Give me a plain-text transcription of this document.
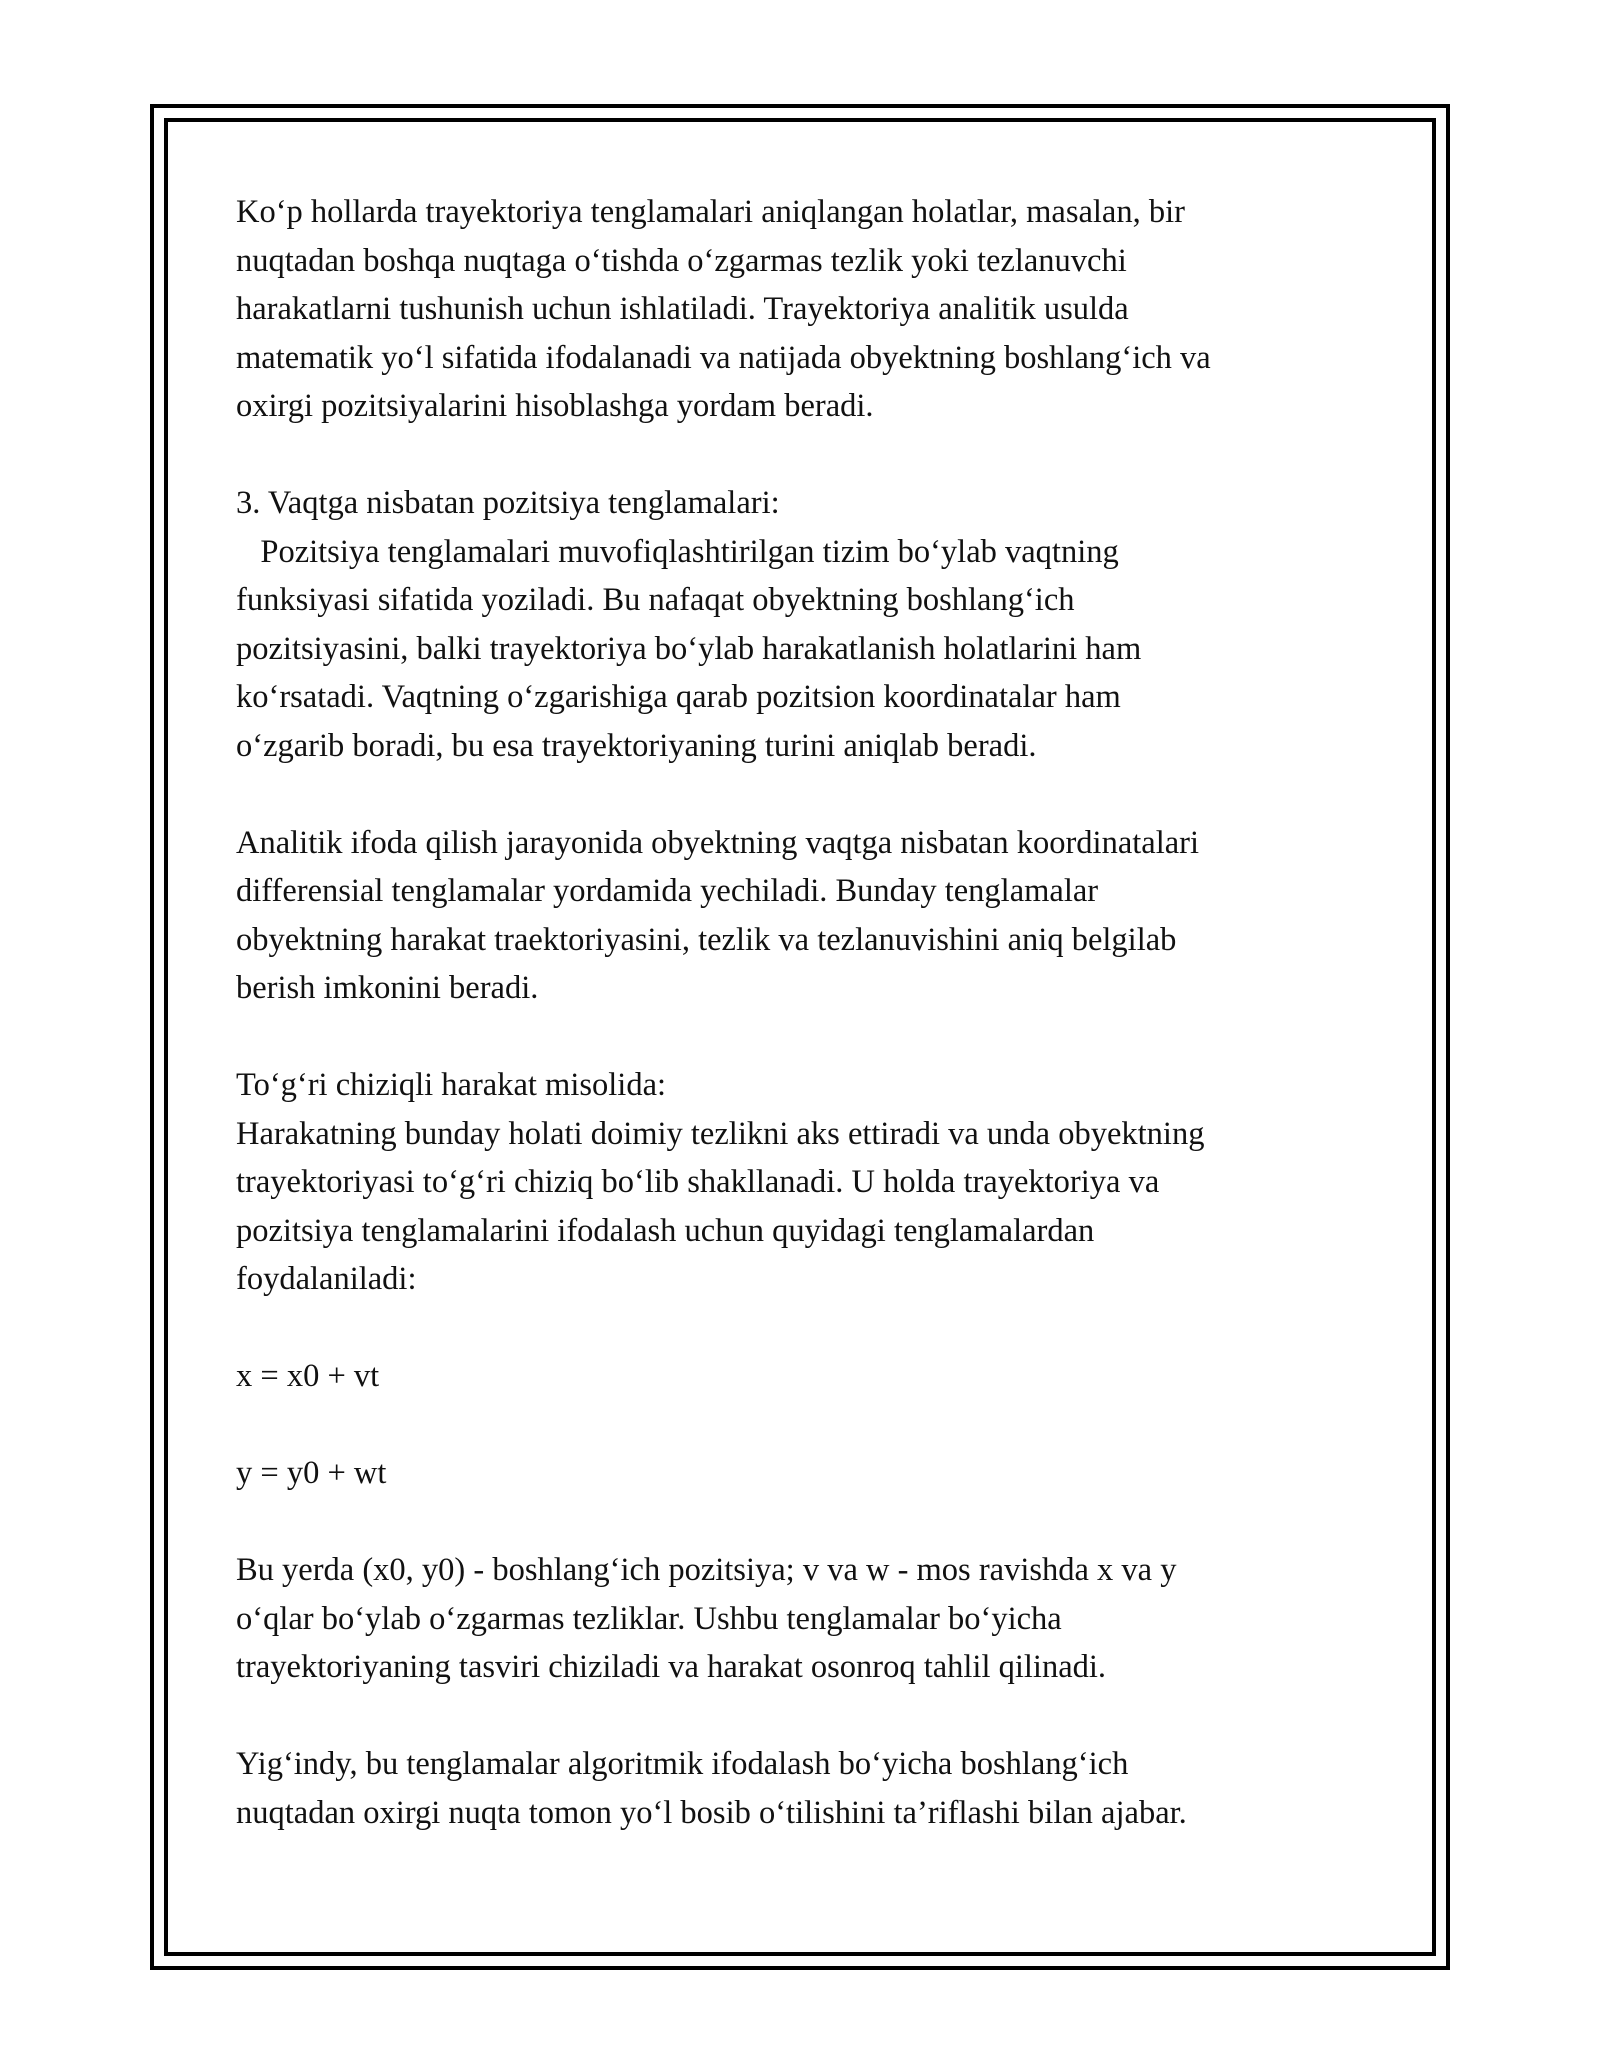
Ko‘p hollarda trayektoriya tenglamalari aniqlangan holatlar, masalan, bir
nuqtadan boshqa nuqtaga o‘tishda o‘zgarmas tezlik yoki tezlanuvchi
harakatlarni tushunish uchun ishlatiladi. Trayektoriya analitik usulda
matematik yo‘l sifatida ifodalanadi va natijada obyektning boshlang‘ich va
oxirgi pozitsiyalarini hisoblashga yordam beradi.

3. Vaqtga nisbatan pozitsiya tenglamalari:
Pozitsiya tenglamalari muvofiqlashtirilgan tizim bo‘ylab vaqtning
funksiyasi sifatida yoziladi. Bu nafaqat obyektning boshlang‘ich
pozitsiyasini, balki trayektoriya bo‘ylab harakatlanish holatlarini ham
ko‘rsatadi. Vaqtning o‘zgarishiga qarab pozitsion koordinatalar ham
o‘zgarib boradi, bu esa trayektoriyaning turini aniqlab beradi.

Analitik ifoda qilish jarayonida obyektning vaqtga nisbatan koordinatalari
differensial tenglamalar yordamida yechiladi. Bunday tenglamalar
obyektning harakat traektoriyasini, tezlik va tezlanuvishini aniq belgilab
berish imkonini beradi.

To‘g‘ri chiziqli harakat misolida:
Harakatning bunday holati doimiy tezlikni aks ettiradi va unda obyektning
trayektoriyasi to‘g‘ri chiziq bo‘lib shakllanadi. U holda trayektoriya va
pozitsiya tenglamalarini ifodalash uchun quyidagi tenglamalardan
foydalaniladi:

x = x0 + vt

y = y0 + wt

Bu yerda (x0, y0) - boshlang‘ich pozitsiya; v va w - mos ravishda x va y
o‘qlar bo‘ylab o‘zgarmas tezliklar. Ushbu tenglamalar bo‘yicha
trayektoriyaning tasviri chiziladi va harakat osonroq tahlil qilinadi.

Yig‘indy, bu tenglamalar algoritmik ifodalash bo‘yicha boshlang‘ich
nuqtadan oxirgi nuqta tomon yo‘l bosib o‘tilishini ta’riflashi bilan ajabar.
